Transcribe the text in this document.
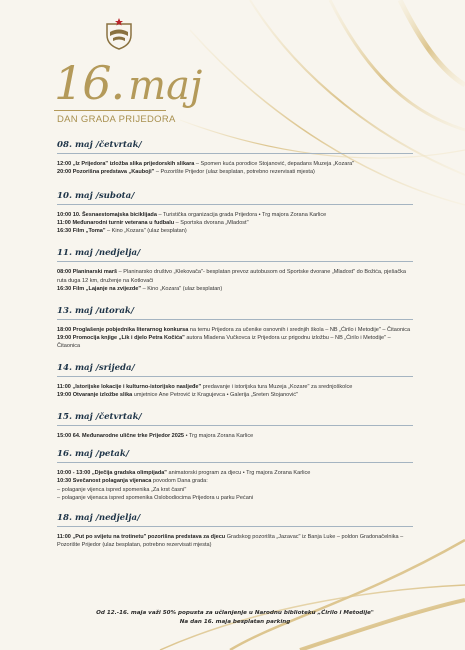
16. maj
DAN GRADA PRIJEDORA
08. maj /četvrtak/
12:00 „Iz Prijedora" izložba slika prijedorskih slikara – Spomen kuća porodice Stojanović, depadans Muzeja „Kozara"
20:00 Pozorišna predstava „Kauboji" – Pozorište Prijedor (ulaz besplatan, potrebno rezervisati mjesta)
10. maj /subota/
10:00 10. Šesnaestomajska biciklijada – Turistička organizacija grada Prijedora • Trg majora Zorana Karlice
11:00 Međunarodni turnir veterana u fudbalu – Sportska dvorana „Mladost"
16:30 Film „Toma" – Kino „Kozara" (ulaz besplatan)
11. maj /nedjelja/
08:00 Planinarski marš – Planinarsko društvo „Klekovača"- besplatan prevoz autobusom od Sportske dvorane „Mladost" do Božića, pješačka ruta duga 12 km, druženje na Kotlovači
16:30 Film „Lajanje na zvijezde" – Kino „Kozara" (ulaz besplatan)
13. maj /utorak/
18:00 Proglašenje pobjednika literarnog konkursa na temu Prijedora za učenike osnovnih i srednjih škola – NB „Ćirilo i Metodije" – Čitaonica
19:00 Promocija knjige „Lik i djelo Petra Kočića" autora Mladena Vučkovca iz Prijedora uz prigodnu izložbu – NB „Ćirilo i Metodije" – Čitaonica
14. maj /srijeda/
11:00 „Istorijske lokacije i kulturno-istorijsko nasljeđe" predavanje i istorijska tura Muzeja „Kozare" za srednjoškolce
19:00 Otvaranje izložbe slika umjetnice Ane Petrović iz Kragujevca • Galerija „Sreten Stojanović"
15. maj /četvrtak/
15:00 64. Međunarodne ulične trke Prijedor 2025 • Trg majora Zorana Karlice
16. maj /petak/
10:00 - 13:00 „Dječija gradska olimpijada" animatorski program za djecu • Trg majora Zorana Karlice
10:30 Svečanost polaganja vijenaca povodom Dana grada:
– polaganje vijenca ispred spomenika „Za krst časni"
– polaganje vijenaca ispred spomenika Oslobodiocima Prijedora u parku Pećani
18. maj /nedjelja/
11:00 „Put po svijetu na trotinetu" pozorišna predstava za djecu Gradskog pozorišta „Jazavac" iz Banja Luke – poldon Gradonačelnika – Pozorište Prijedor (ulaz besplatan, potrebno rezervisati mjesta)
Od 12.-16. maja važi 50% popusta za učlanjenje u Narodnu biblioteku „Ćirilo i Metodije"
Na dan 16. maja besplatan parking
